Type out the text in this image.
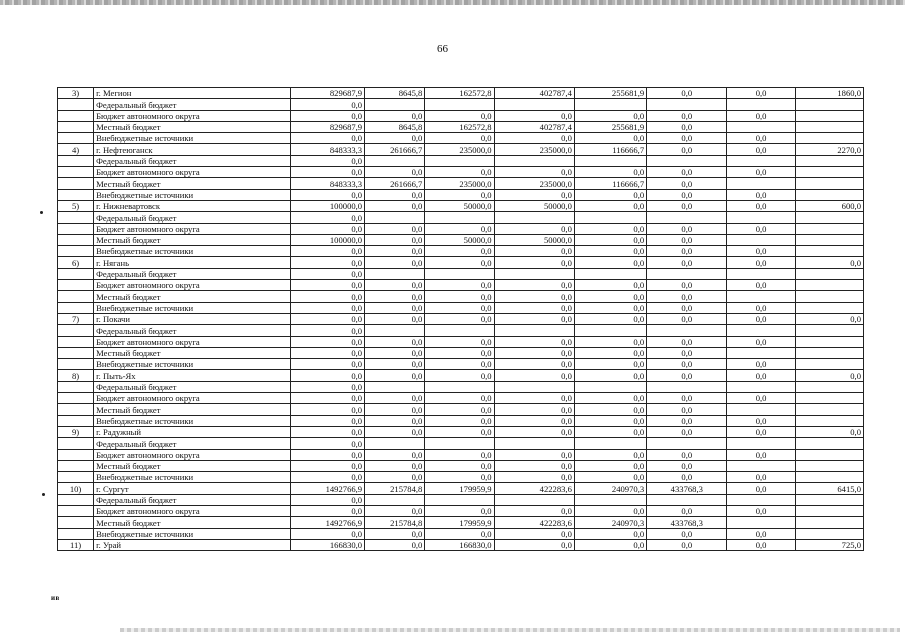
66
3)	г. Мегион	829687,9	8645,8	162572,8	402787,4	255681,9	0,0	0,0	1860,0
	Федеральный бюджет	0,0							
	Бюджет автономного округа	0,0	0,0	0,0	0,0	0,0	0,0	0,0	
	Местный бюджет	829687,9	8645,8	162572,8	402787,4	255681,9	0,0		
	Внебюджетные источники	0,0	0,0	0,0	0,0	0,0	0,0	0,0	
4)	г. Нефтеюганск	848333,3	261666,7	235000,0	235000,0	116666,7	0,0	0,0	2270,0
	Федеральный бюджет	0,0							
	Бюджет автономного округа	0,0	0,0	0,0	0,0	0,0	0,0	0,0	
	Местный бюджет	848333,3	261666,7	235000,0	235000,0	116666,7	0,0		
	Внебюджетные источники	0,0	0,0	0,0	0,0	0,0	0,0	0,0	
5)	г. Нижневартовск	100000,0	0,0	50000,0	50000,0	0,0	0,0	0,0	600,0
	Федеральный бюджет	0,0							
	Бюджет автономного округа	0,0	0,0	0,0	0,0	0,0	0,0	0,0	
	Местный бюджет	100000,0	0,0	50000,0	50000,0	0,0	0,0		
	Внебюджетные источники	0,0	0,0	0,0	0,0	0,0	0,0	0,0	
6)	г. Нягань	0,0	0,0	0,0	0,0	0,0	0,0	0,0	0,0
	Федеральный бюджет	0,0							
	Бюджет автономного округа	0,0	0,0	0,0	0,0	0,0	0,0	0,0	
	Местный бюджет	0,0	0,0	0,0	0,0	0,0	0,0		
	Внебюджетные источники	0,0	0,0	0,0	0,0	0,0	0,0	0,0	
7)	г. Покачи	0,0	0,0	0,0	0,0	0,0	0,0	0,0	0,0
	Федеральный бюджет	0,0							
	Бюджет автономного округа	0,0	0,0	0,0	0,0	0,0	0,0	0,0	
	Местный бюджет	0,0	0,0	0,0	0,0	0,0	0,0		
	Внебюджетные источники	0,0	0,0	0,0	0,0	0,0	0,0	0,0	
8)	г. Пыть-Ях	0,0	0,0	0,0	0,0	0,0	0,0	0,0	0,0
	Федеральный бюджет	0,0							
	Бюджет автономного округа	0,0	0,0	0,0	0,0	0,0	0,0	0,0	
	Местный бюджет	0,0	0,0	0,0	0,0	0,0	0,0		
	Внебюджетные источники	0,0	0,0	0,0	0,0	0,0	0,0	0,0	
9)	г. Радужный	0,0	0,0	0,0	0,0	0,0	0,0	0,0	0,0
	Федеральный бюджет	0,0							
	Бюджет автономного округа	0,0	0,0	0,0	0,0	0,0	0,0	0,0	
	Местный бюджет	0,0	0,0	0,0	0,0	0,0	0,0		
	Внебюджетные источники	0,0	0,0	0,0	0,0	0,0	0,0	0,0	
10)	г. Сургут	1492766,9	215784,8	179959,9	422283,6	240970,3	433768,3	0,0	6415,0
	Федеральный бюджет	0,0							
	Бюджет автономного округа	0,0	0,0	0,0	0,0	0,0	0,0	0,0	
	Местный бюджет	1492766,9	215784,8	179959,9	422283,6	240970,3	433768,3		
	Внебюджетные источники	0,0	0,0	0,0	0,0	0,0	0,0	0,0	
11)	г. Урай	166830,0	0,0	166830,0	0,0	0,0	0,0	0,0	725,0
ив
